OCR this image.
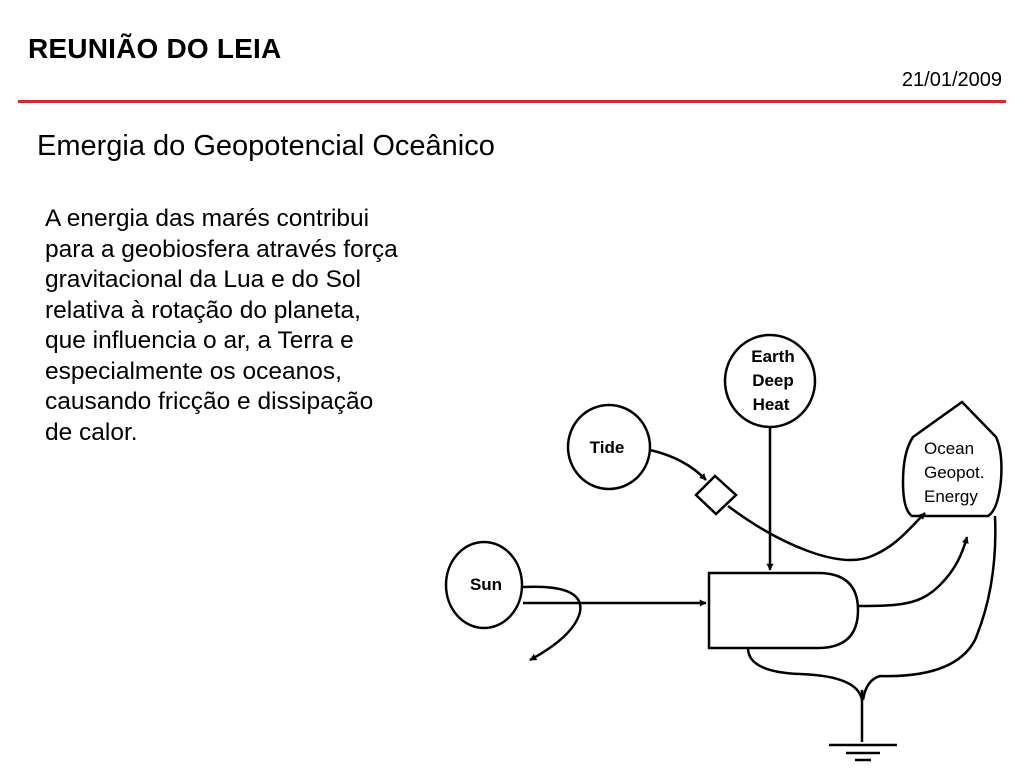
REUNIÃO DO LEIA
21/01/2009
Emergia do Geopotencial Oceânico

A energia das marés contribui
para a geobiosfera através força
gravitacional da Lua e do Sol
relativa à rotação do planeta,
que influencia o ar, a Terra e
especialmente os oceanos,
causando fricção e dissipação
de calor.

Earth
Deep
Heat
Tide
Sun
Ocean
Geopot.
Energy
